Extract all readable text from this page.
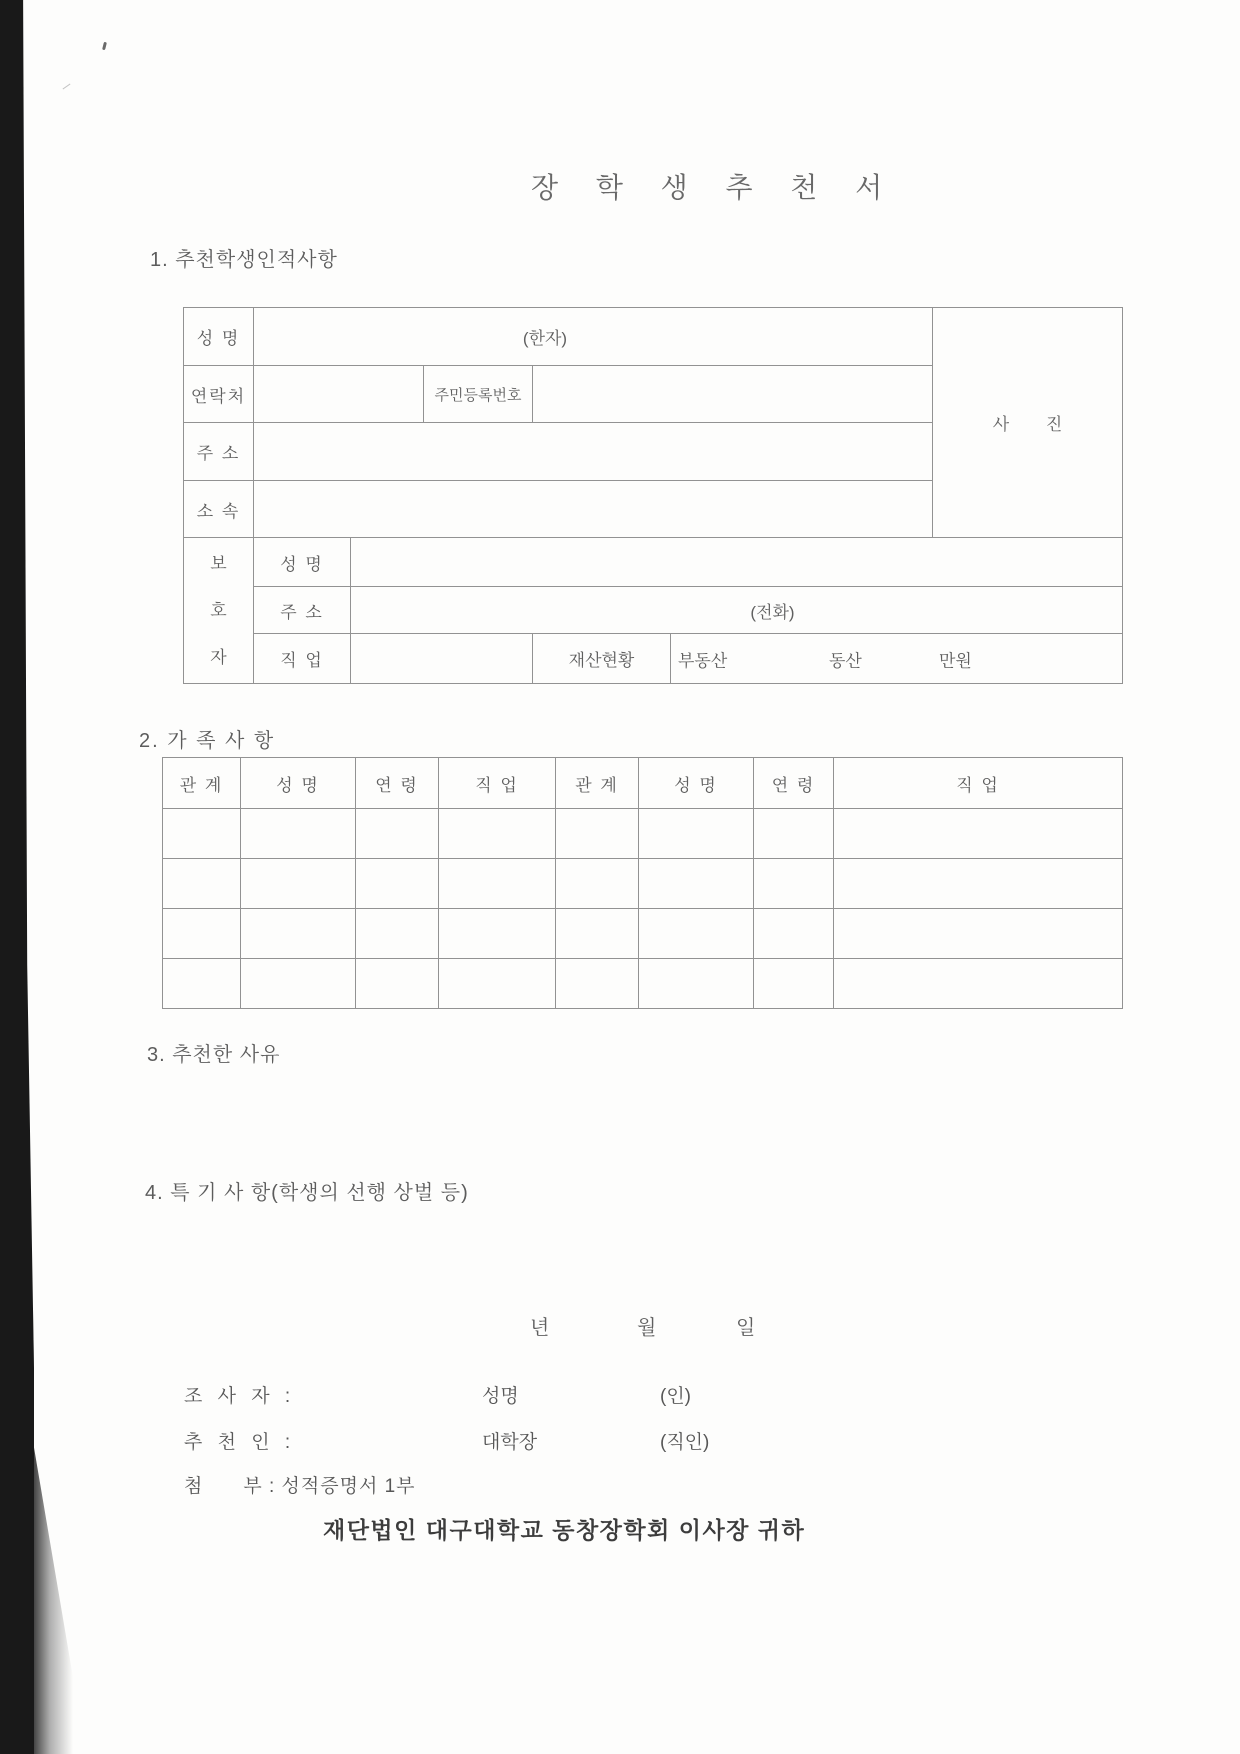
장 학 생 추 천 서
1. 추천학생인적사항
성 명	(한자)					사 진
연락처			주민등록번호			
주 소						
소 속						

보
호
자	성 명					
	주 소	(전화)				
	직 업			재산현황	부동산 동산 만원	
2. 가 족 사 항
관 계	성 명	연 령	직 업	관 계	성 명	연 령	직 업

3. 추천한 사유
4. 특 기 사 항(학생의 선행 상벌 등)
년	월	일
조 사 자 :	성명	(인)
추 천 인 :	대학장	(직인)
첨　　부 : 성적증명서 1부
재단법인 대구대학교 동창장학회 이사장 귀하
